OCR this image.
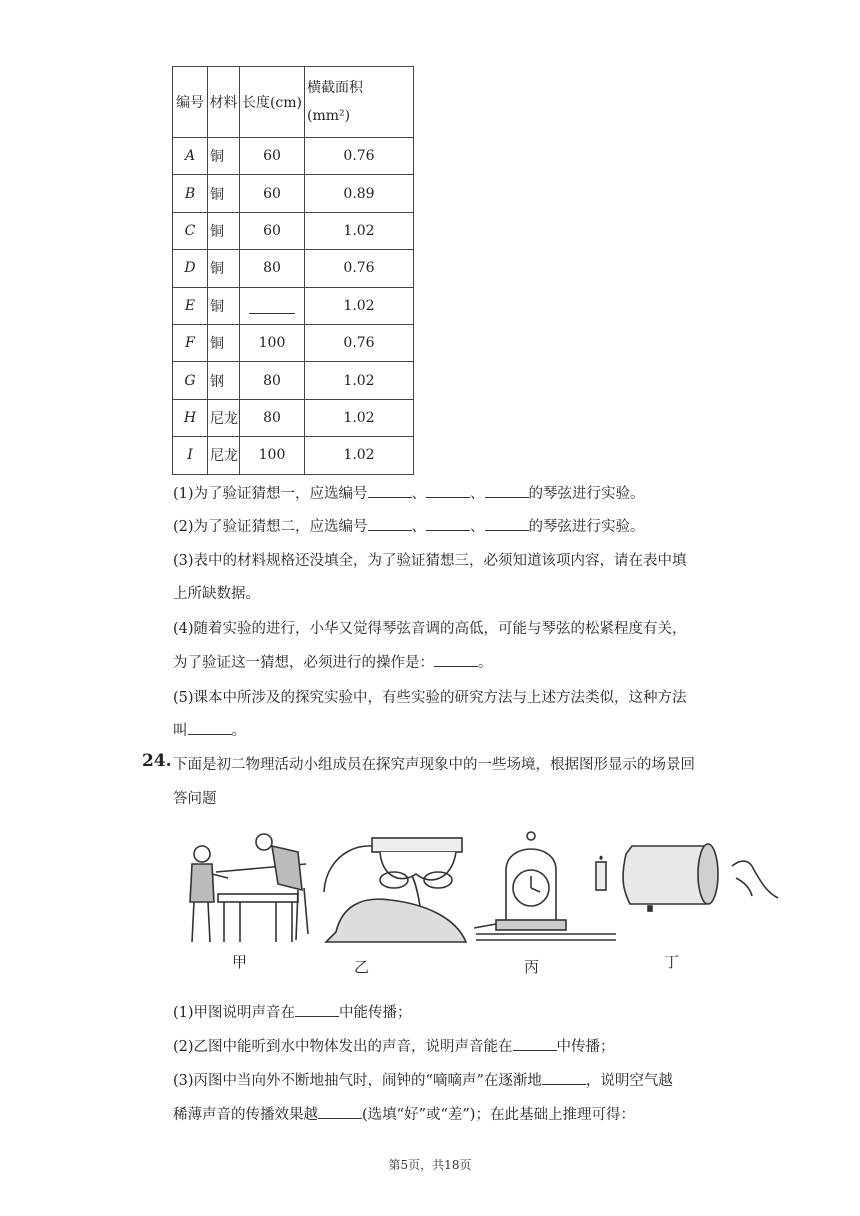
编号	材料	长度(cm)	横截面积
(mm²)
A	铜	60	0.76
B	铜	60	0.89
C	铜	60	1.02
D	铜	80	0.76
E	铜		1.02
F	铜	100	0.76
G	钢	80	1.02
H	尼龙	80	1.02
I	尼龙	100	1.02
(1)为了验证猜想一，应选编号	、	、	的琴弦进行实验。
(2)为了验证猜想二，应选编号	、	、	的琴弦进行实验。
(3)表中的材料规格还没填全，为了验证猜想三，必须知道该项内容，请在表中填
上所缺数据。
(4)随着实验的进行，小华又觉得琴弦音调的高低，可能与琴弦的松紧程度有关，
为了验证这一猜想，必须进行的操作是：	。
(5)课本中所涉及的探究实验中，有些实验的研究方法与上述方法类似，这种方法
叫	。
24. 下面是初二物理活动小组成员在探究声现象中的一些场境，根据图形显示的场景回
答问题
甲	乙	丙	丁
(1)甲图说明声音在	中能传播；
(2)乙图中能听到水中物体发出的声音，说明声音能在	中传播；
(3)丙图中当向外不断地抽气时，闹钟的“嘀嘀声”在逐渐地	，说明空气越
稀薄声音的传播效果越	(选填“好”或“差”)；在此基础上推理可得：
第5页，共18页
